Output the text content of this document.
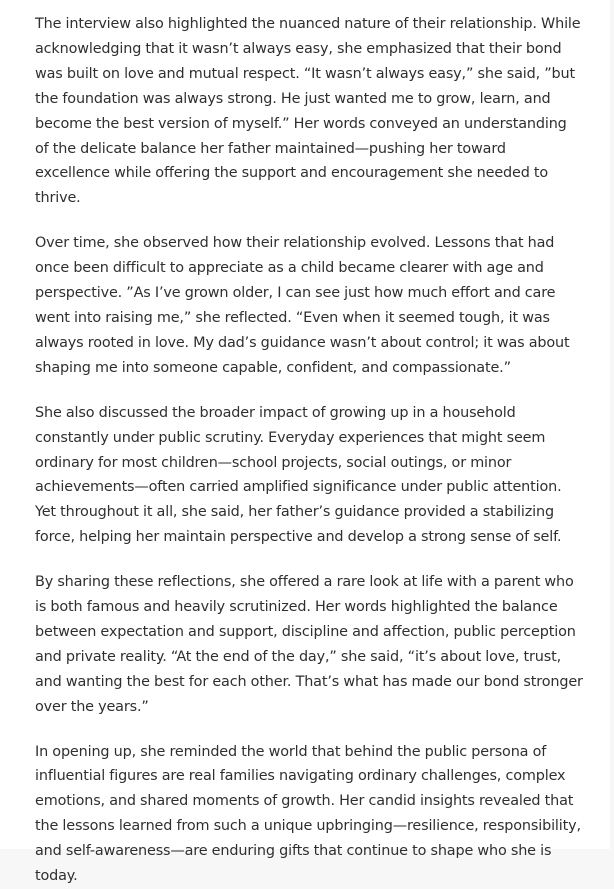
The interview also highlighted the nuanced nature of their relationship. While acknowledging that it wasn’t always easy, she emphasized that their bond was built on love and mutual respect. “It wasn’t always easy,” she said, ”but the foundation was always strong. He just wanted me to grow, learn, and become the best version of myself.” Her words conveyed an understanding of the delicate balance her father maintained—pushing her toward excellence while offering the support and encouragement she needed to thrive.

Over time, she observed how their relationship evolved. Lessons that had once been difficult to appreciate as a child became clearer with age and perspective. ”As I’ve grown older, I can see just how much effort and care went into raising me,” she reflected. “Even when it seemed tough, it was always rooted in love. My dad’s guidance wasn’t about control; it was about shaping me into someone capable, confident, and compassionate.”

She also discussed the broader impact of growing up in a household constantly under public scrutiny. Everyday experiences that might seem ordinary for most children—school projects, social outings, or minor achievements—often carried amplified significance under public attention. Yet throughout it all, she said, her father’s guidance provided a stabilizing force, helping her maintain perspective and develop a strong sense of self.

By sharing these reflections, she offered a rare look at life with a parent who is both famous and heavily scrutinized. Her words highlighted the balance between expectation and support, discipline and affection, public perception and private reality. “At the end of the day,” she said, “it’s about love, trust, and wanting the best for each other. That’s what has made our bond stronger over the years.”

In opening up, she reminded the world that behind the public persona of influential figures are real families navigating ordinary challenges, complex emotions, and shared moments of growth. Her candid insights revealed that the lessons learned from such a unique upbringing—resilience, responsibility, and self-awareness—are enduring gifts that continue to shape who she is today.
